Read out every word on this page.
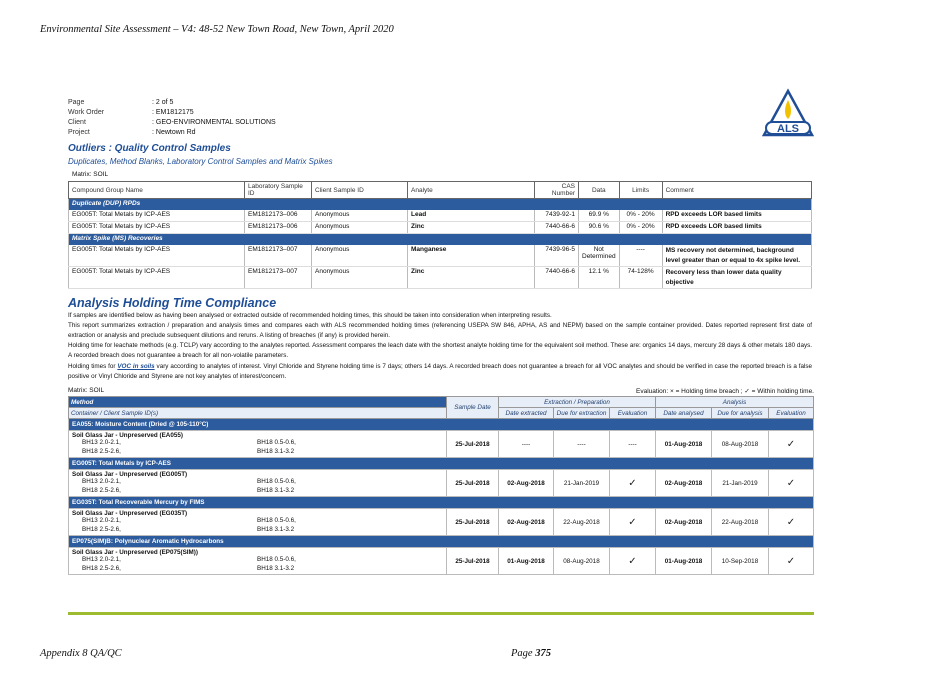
Environmental Site Assessment – V4: 48-52 New Town Road, New Town, April 2020
Page	: 2 of 5
Work Order	: EM1812175
Client	: GEO-ENVIRONMENTAL SOLUTIONS
Project	: Newtown Rd	ALS
Outliers : Quality Control Samples
Duplicates, Method Blanks, Laboratory Control Samples and Matrix Spikes
Matrix: SOIL
Compound Group Name	Laboratory Sample ID	Client Sample ID	Analyte	CAS Number	Data	Limits	Comment
Duplicate (DUP) RPDs							
EG005T: Total Metals by ICP-AES	EM1812173–006	Anonymous	Lead	7439-92-1	69.9 %	0% - 20%	RPD exceeds LOR based limits
EG005T: Total Metals by ICP-AES	EM1812173–006	Anonymous	Zinc	7440-66-6	90.6 %	0% - 20%	RPD exceeds LOR based limits
Matrix Spike (MS) Recoveries							
EG005T: Total Metals by ICP-AES	EM1812173–007	Anonymous	Manganese	7439-96-5	Not Determined	----	MS recovery not determined, background level greater than or equal to 4x spike level.
EG005T: Total Metals by ICP-AES	EM1812173–007	Anonymous	Zinc	7440-66-6	12.1 %	74-128%	Recovery less than lower data quality objective
Analysis Holding Time Compliance
If samples are identified below as having been analysed or extracted outside of recommended holding times, this should be taken into consideration when interpreting results.
This report summarizes extraction / preparation and analysis times and compares each with ALS recommended holding times (referencing USEPA SW 846, APHA, AS and NEPM) based on the sample container provided. Dates reported represent first date of extraction or analysis and preclude subsequent dilutions and reruns. A listing of breaches (if any) is provided herein.
Holding time for leachate methods (e.g. TCLP) vary according to the analytes reported. Assessment compares the leach date with the shortest analyte holding time for the equivalent soil method. These are: organics 14 days, mercury 28 days & other metals 180 days. A recorded breach does not guarantee a breach for all non-volatile parameters.
Holding times for VOC in soils vary according to analytes of interest. Vinyl Chloride and Styrene holding time is 7 days; others 14 days. A recorded breach does not guarantee a breach for all VOC analytes and should be verified in case the reported breach is a false positive or Vinyl Chloride and Styrene are not key analytes of interest/concern.
Matrix: SOIL	Evaluation: × = Holding time breach ; ✓ = Within holding time.
Method	Sample Date	Extraction / Preparation			Analysis		
Container / Client Sample ID(s)		Date extracted	Due for extraction	Evaluation	Date analysed	Due for analysis	Evaluation
EA055: Moisture Content (Dried @ 105-110°C)							

Soil Glass Jar - Unpreserved (EA055)
BH13 2.0-2.1, BH18 0.5-0.6,
BH18 2.5-2.6, BH18 3.1-3.2	25-Jul-2018	----	----	----	01-Aug-2018	08-Aug-2018	✓
EG005T: Total Metals by ICP-AES							

Soil Glass Jar - Unpreserved (EG005T)
BH13 2.0-2.1, BH18 0.5-0.6,
BH18 2.5-2.6, BH18 3.1-3.2	25-Jul-2018	02-Aug-2018	21-Jan-2019	✓	02-Aug-2018	21-Jan-2019	✓
EG035T: Total Recoverable Mercury by FIMS							

Soil Glass Jar - Unpreserved (EG035T)
BH13 2.0-2.1, BH18 0.5-0.6,
BH18 2.5-2.6, BH18 3.1-3.2	25-Jul-2018	02-Aug-2018	22-Aug-2018	✓	02-Aug-2018	22-Aug-2018	✓
EP075(SIM)B: Polynuclear Aromatic Hydrocarbons							

Soil Glass Jar - Unpreserved (EP075(SIM))
BH13 2.0-2.1, BH18 0.5-0.6,
BH18 2.5-2.6, BH18 3.1-3.2	25-Jul-2018	01-Aug-2018	08-Aug-2018	✓	01-Aug-2018	10-Sep-2018	✓
Appendix 8 QA/QC	Page 375
